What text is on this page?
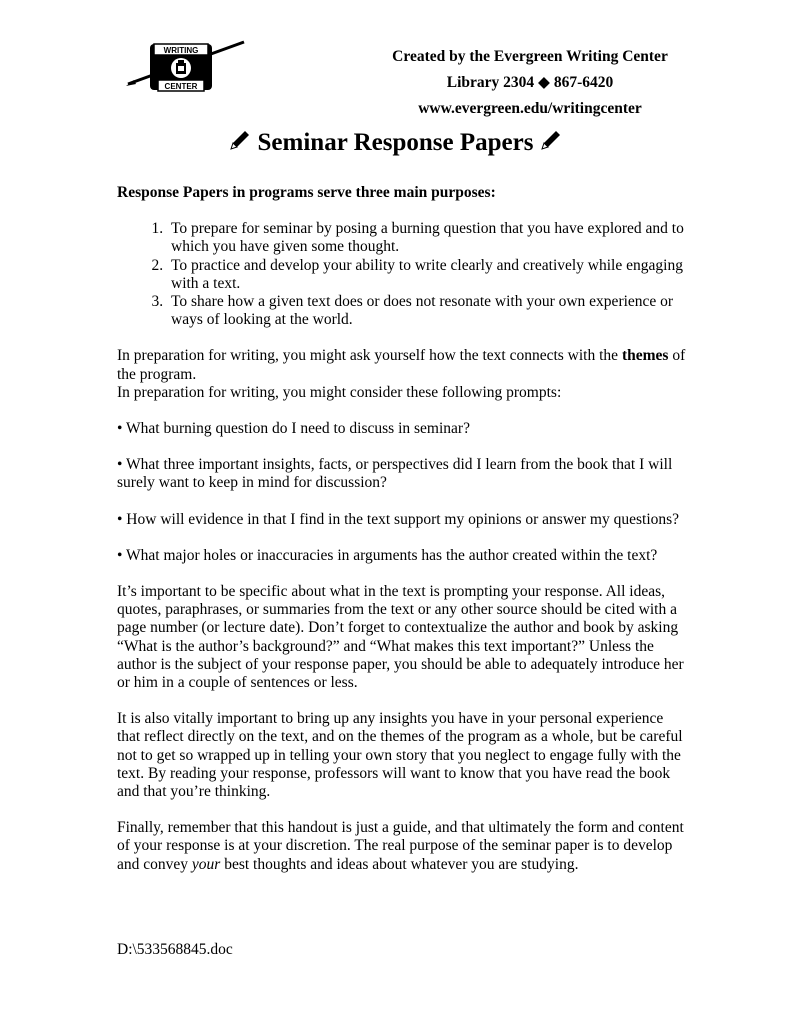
WRITING
CENTER
Created by the Evergreen Writing Center
Library 2304 ◆ 867-6420
www.evergreen.edu/writingcenter
Seminar Response Papers

Response Papers in programs serve three main purposes:

1. To prepare for seminar by posing a burning question that you have explored and to which you have given some thought.
2. To practice and develop your ability to write clearly and creatively while engaging with a text.
3. To share how a given text does or does not resonate with your own experience or ways of looking at the world.

In preparation for writing, you might ask yourself how the text connects with the themes of the program.

In preparation for writing, you might consider these following prompts:

• What burning question do I need to discuss in seminar?

• What three important insights, facts, or perspectives did I learn from the book that I will surely want to keep in mind for discussion?

• How will evidence in that I find in the text support my opinions or answer my questions?

• What major holes or inaccuracies in arguments has the author created within the text?

It’s important to be specific about what in the text is prompting your response. All ideas, quotes, paraphrases, or summaries from the text or any other source should be cited with a page number (or lecture date). Don’t forget to contextualize the author and book by asking “What is the author’s background?” and “What makes this text important?” Unless the author is the subject of your response paper, you should be able to adequately introduce her or him in a couple of sentences or less.

It is also vitally important to bring up any insights you have in your personal experience that reflect directly on the text, and on the themes of the program as a whole, but be careful not to get so wrapped up in telling your own story that you neglect to engage fully with the text. By reading your response, professors will want to know that you have read the book and that you’re thinking.

Finally, remember that this handout is just a guide, and that ultimately the form and content of your response is at your discretion. The real purpose of the seminar paper is to develop and convey your best thoughts and ideas about whatever you are studying.

D:\533568845.doc
